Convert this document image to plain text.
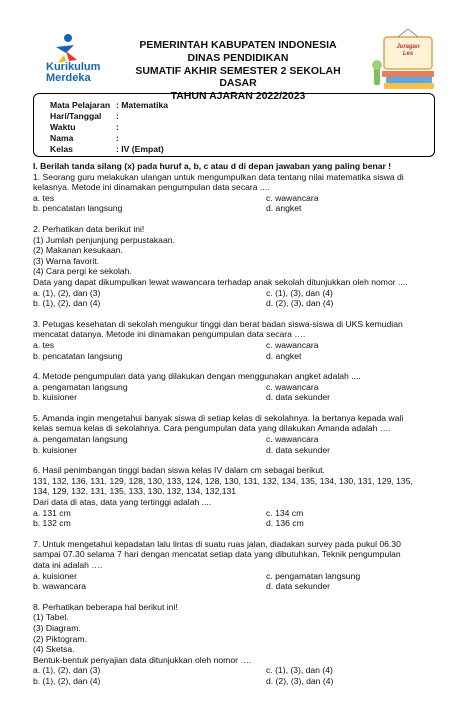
Kurikulum
Merdeka
PEMERINTAH KABUPATEN INDONESIA
DINAS PENDIDIKAN
SUMATIF AKHIR SEMESTER 2 SEKOLAH DASAR
TAHUN AJARAN 2022/2023
Juragan
Les
Mata Pelajaran : Matematika
Hari/Tanggal :
Waktu	:
Nama	:
Kelas	: IV (Empat)
I. Berilah tanda silang (x) pada huruf a, b, c atau d di depan jawaban yang paling benar !
1. Seorang guru melakukan ulangan untuk mengumpulkan data tentang nilai matematika siswa di
kelasnya. Metode ini dinamakan pengumpulan data secara ....
a. tes	c. wawancara
b. pencatatan langsung	d. angket
2. Perhatikan data berikut ini!
(1) Jumlah penjunjung perpustakaan.
(2) Makanan kesukaan.
(3) Warna favorit.
(4) Cara pergi ke sekolah.
Data yang dapat dikumpulkan lewat wawancara terhadap anak sekolah ditunjukkan oleh nomor ....
a. (1), (2), dan (3)	c. (1), (3), dan (4)
b. (1), (2), dan (4)	d. (2), (3), dan (4)
3. Petugas kesehatan di sekolah mengukur tinggi dan berat badan siswa-siswa di UKS kemudian
mencatat datanya. Metode ini dinamakan pengumpulan data secara ….
a. tes	c. wawancara
b. pencatatan langsung	d. angket
4. Metode pengumpulan data yang dilakukan dengan menggunakan angket adalah ....
a. pengamatan langsung	c. wawancara
b. kuisioner	d. data sekunder
5. Amanda ingin mengetahui banyak siswa di setiap kelas di sekolahnya. Ia bertanya kepada wali
kelas semua kelas di sekolahnya. Cara pengumpulan data yang dilakukan Amanda adalah ….
a. pengamatan langsung	c. wawancara
b. kuisioner	d. data sekunder
6. Hasil penimbangan tinggi badan siswa kelas IV dalam cm sebagai berikut.
131, 132, 136, 131, 129, 128, 130, 133, 124, 128, 130, 131, 132, 134, 135, 134, 130, 131, 129, 135,
134, 129, 132, 131, 135, 133, 130, 132, 134, 132,131
Dari data di atas, data yang tertinggi adalah ....
a. 131 cm	c. 134 cm
b. 132 cm	d. 136 cm
7. Untuk mengetahui kepadatan lalu lintas di suatu ruas jalan, diadakan survey pada pukul 06.30
sampai 07.30 selama 7 hari dengan mencatat setiap data yang dibutuhkan. Teknik pengumpulan
data ini adalah ….
a. kuisioner	c. pengamatan langsung
b. wawancara	d. data sekunder
8. Perhatikan beberapa hal berikut ini!
(1) Tabel.
(3) Diagram.
(2) Piktogram.
(4) Sketsa.
Bentuk-bentuk penyajian data ditunjukkan oleh nomor ….
a. (1), (2), dan (3)	c. (1), (3), dan (4)
b. (1), (2), dan (4)	d. (2), (3), dan (4)
